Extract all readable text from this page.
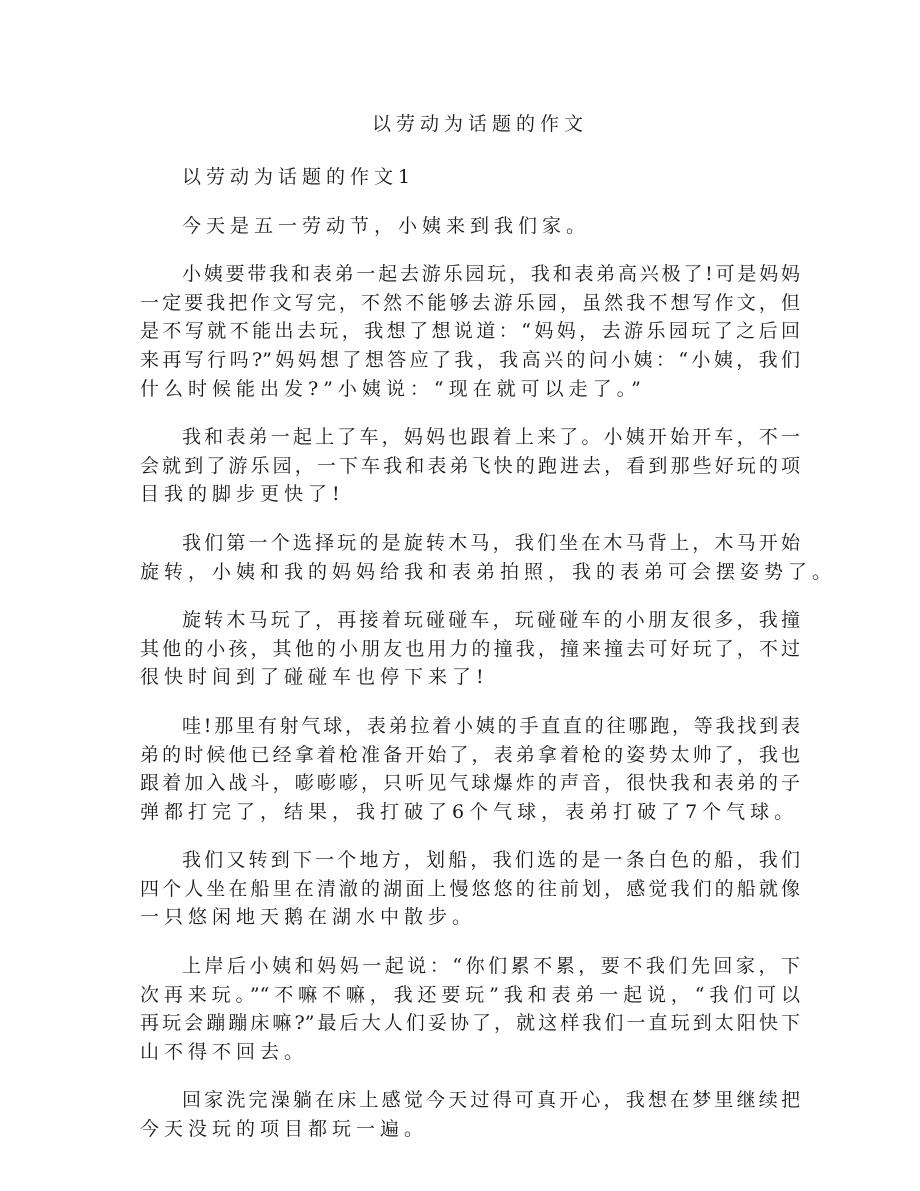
以劳动为话题的作文
以劳动为话题的作文1
今天是五一劳动节，小姨来到我们家。
小姨要带我和表弟一起去游乐园玩，我和表弟高兴极了!可是妈妈
一定要我把作文写完，不然不能够去游乐园，虽然我不想写作文，但
是不写就不能出去玩，我想了想说道：“妈妈，去游乐园玩了之后回
来再写行吗?”妈妈想了想答应了我，我高兴的问小姨：“小姨，我们
什么时候能出发?”小姨说：“现在就可以走了。”
我和表弟一起上了车，妈妈也跟着上来了。小姨开始开车，不一
会就到了游乐园，一下车我和表弟飞快的跑进去，看到那些好玩的项
目我的脚步更快了!
我们第一个选择玩的是旋转木马，我们坐在木马背上，木马开始
旋转，小姨和我的妈妈给我和表弟拍照，我的表弟可会摆姿势了。
旋转木马玩了，再接着玩碰碰车，玩碰碰车的小朋友很多，我撞
其他的小孩，其他的小朋友也用力的撞我，撞来撞去可好玩了，不过
很快时间到了碰碰车也停下来了!
哇!那里有射气球，表弟拉着小姨的手直直的往哪跑，等我找到表
弟的时候他已经拿着枪准备开始了，表弟拿着枪的姿势太帅了，我也
跟着加入战斗，嘭嘭嘭，只听见气球爆炸的声音，很快我和表弟的子
弹都打完了，结果，我打破了6个气球，表弟打破了7个气球。
我们又转到下一个地方，划船，我们选的是一条白色的船，我们
四个人坐在船里在清澈的湖面上慢悠悠的往前划，感觉我们的船就像
一只悠闲地天鹅在湖水中散步。
上岸后小姨和妈妈一起说：“你们累不累，要不我们先回家，下
次再来玩。”“不嘛不嘛，我还要玩”我和表弟一起说，“我们可以
再玩会蹦蹦床嘛?”最后大人们妥协了，就这样我们一直玩到太阳快下
山不得不回去。
回家洗完澡躺在床上感觉今天过得可真开心，我想在梦里继续把
今天没玩的项目都玩一遍。
